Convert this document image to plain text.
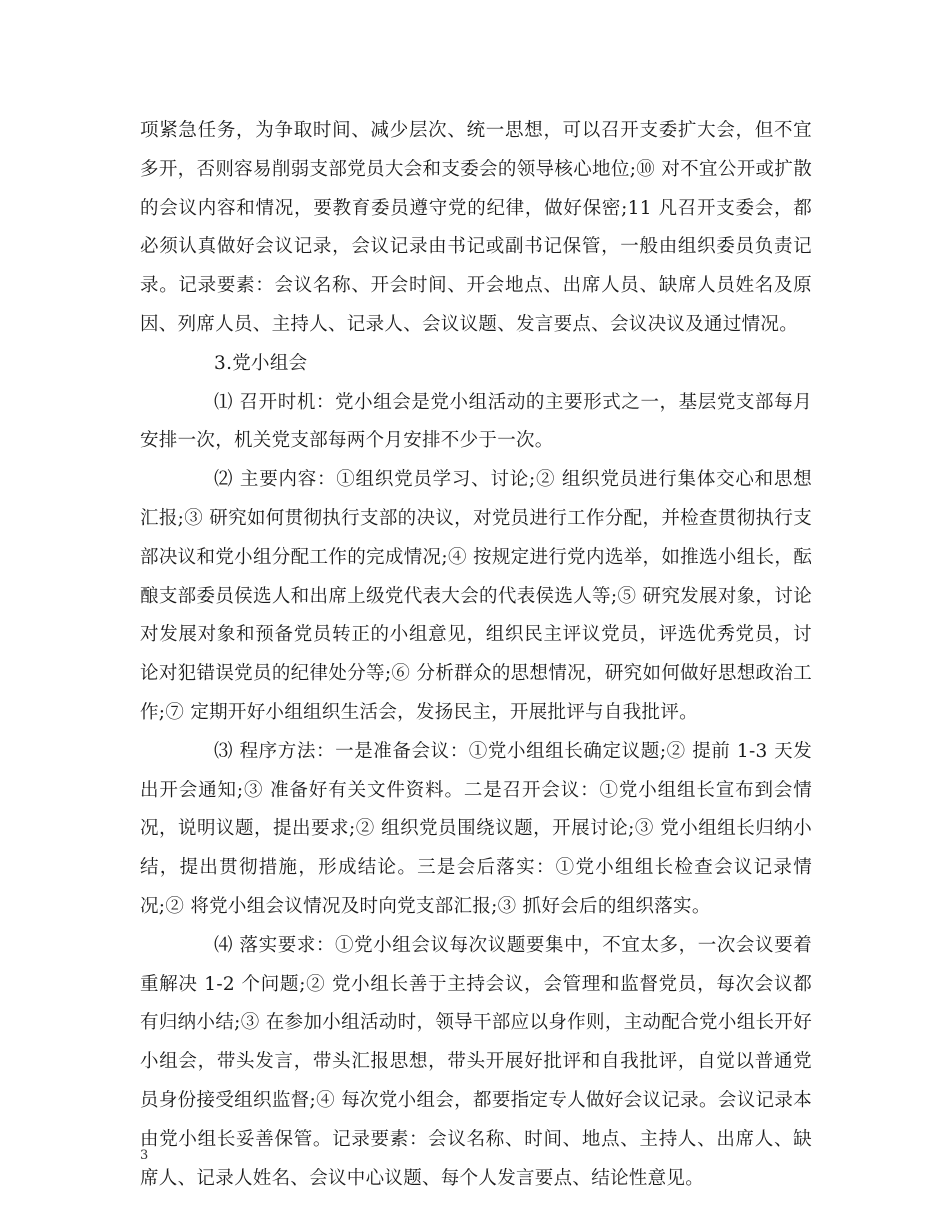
项紧急任务，为争取时间、减少层次、统一思想，可以召开支委扩大会，但不宜多开，否则容易削弱支部党员大会和支委会的领导核心地位;⑩ 对不宜公开或扩散的会议内容和情况，要教育委员遵守党的纪律，做好保密;11 凡召开支委会，都必须认真做好会议记录，会议记录由书记或副书记保管，一般由组织委员负责记录。记录要素：会议名称、开会时间、开会地点、出席人员、缺席人员姓名及原因、列席人员、主持人、记录人、会议议题、发言要点、会议决议及通过情况。

3.党小组会

⑴ 召开时机：党小组会是党小组活动的主要形式之一，基层党支部每月安排一次，机关党支部每两个月安排不少于一次。

⑵ 主要内容：①组织党员学习、讨论;② 组织党员进行集体交心和思想汇报;③ 研究如何贯彻执行支部的决议，对党员进行工作分配，并检查贯彻执行支部决议和党小组分配工作的完成情况;④ 按规定进行党内选举，如推选小组长，酝酿支部委员侯选人和出席上级党代表大会的代表侯选人等;⑤ 研究发展对象，讨论对发展对象和预备党员转正的小组意见，组织民主评议党员，评选优秀党员，讨论对犯错误党员的纪律处分等;⑥ 分析群众的思想情况，研究如何做好思想政治工作;⑦ 定期开好小组组织生活会，发扬民主，开展批评与自我批评。

⑶ 程序方法：一是准备会议：①党小组组长确定议题;② 提前 1-3 天发出开会通知;③ 准备好有关文件资料。二是召开会议：①党小组组长宣布到会情况，说明议题，提出要求;② 组织党员围绕议题，开展讨论;③ 党小组组长归纳小结，提出贯彻措施，形成结论。三是会后落实：①党小组组长检查会议记录情况;② 将党小组会议情况及时向党支部汇报;③ 抓好会后的组织落实。

⑷ 落实要求：①党小组会议每次议题要集中，不宜太多，一次会议要着重解决 1-2 个问题;② 党小组长善于主持会议，会管理和监督党员，每次会议都有归纳小结;③ 在参加小组活动时，领导干部应以身作则，主动配合党小组长开好小组会，带头发言，带头汇报思想，带头开展好批评和自我批评，自觉以普通党员身份接受组织监督;④ 每次党小组会，都要指定专人做好会议记录。会议记录本由党小组长妥善保管。记录要素：会议名称、时间、地点、主持人、出席人、缺席人、记录人姓名、会议中心议题、每个人发言要点、结论性意见。

3
